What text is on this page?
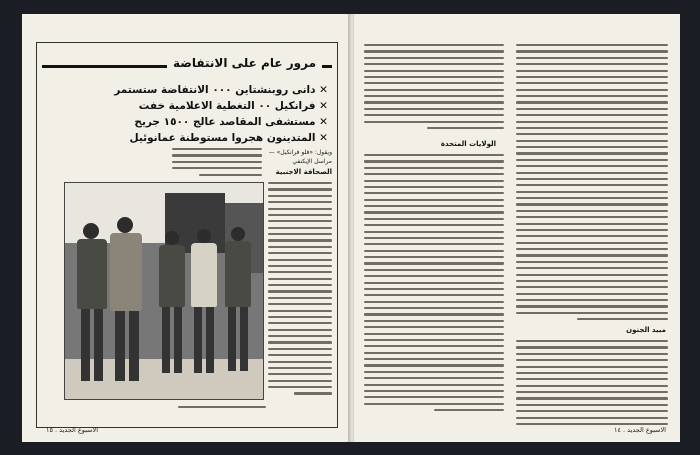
مرور عام على الانتفاضة
✕ دانى روبنشتاين ٠٠٠ الانتفاضة ستستمر
✕ فرانكيل ٠٠ التغطية الاعلامية خفت
✕ مستشفى المقاصد عالج ١٥٠٠ جريح
✕ المتدينون هجروا مستوطنة عمانوئيل
ويقول: «فلو فرانكيل» — مراسل الإيكنفي
الصحافة الاجنبية
الاسبوع الجديد . ١٥
الولايات المتحدة
مبيد الجنون
الاسبوع الجديد . ١٤
